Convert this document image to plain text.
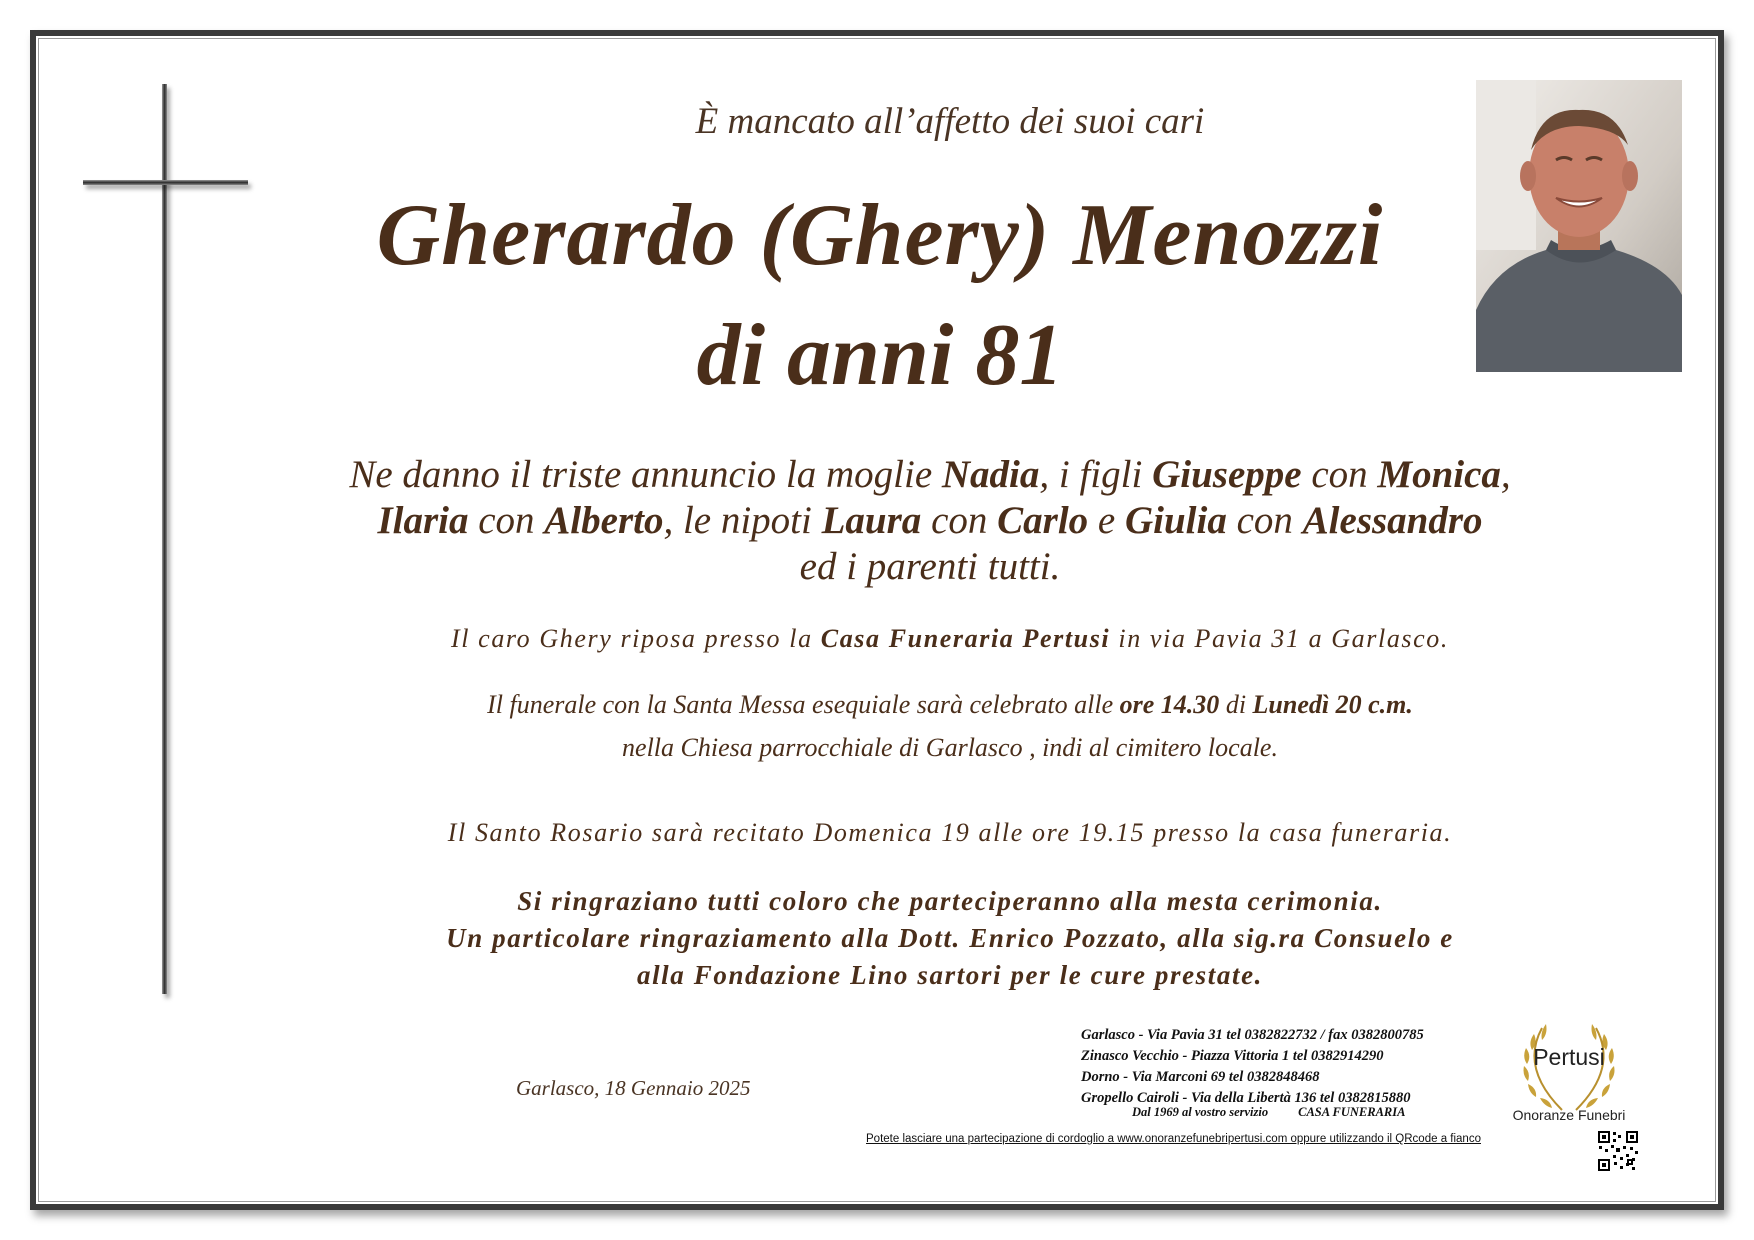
È mancato all’affetto dei suoi cari
Gherardo (Ghery) Menozzi
di anni 81
Ne danno il triste annuncio la moglie Nadia, i figli Giuseppe con Monica,
Ilaria con Alberto, le nipoti Laura con Carlo e Giulia con Alessandro
ed i parenti tutti.
Il caro Ghery riposa presso la Casa Funeraria Pertusi in via Pavia 31 a Garlasco.
Il funerale con la Santa Messa esequiale sarà celebrato alle ore 14.30 di Lunedì 20 c.m.
nella Chiesa parrocchiale di Garlasco , indi al cimitero locale.
Il Santo Rosario sarà recitato Domenica 19 alle ore 19.15 presso la casa funeraria.
Si ringraziano tutti coloro che parteciperanno alla mesta cerimonia.
Un particolare ringraziamento alla Dott. Enrico Pozzato, alla sig.ra Consuelo e
alla Fondazione Lino sartori per le cure prestate.
Garlasco, 18 Gennaio 2025
Garlasco - Via Pavia 31 tel 0382822732 / fax 0382800785
Zinasco Vecchio - Piazza Vittoria 1 tel 0382914290
Dorno - Via Marconi 69 tel 0382848468
Gropello Cairoli - Via della Libertà 136 tel 0382815880
Dal 1969 al vostro servizio CASA FUNERARIA
Pertusi
Onoranze Funebri
Potete lasciare una partecipazione di cordoglio a www.onoranzefunebripertusi.com oppure utilizzando il QRcode a fianco
